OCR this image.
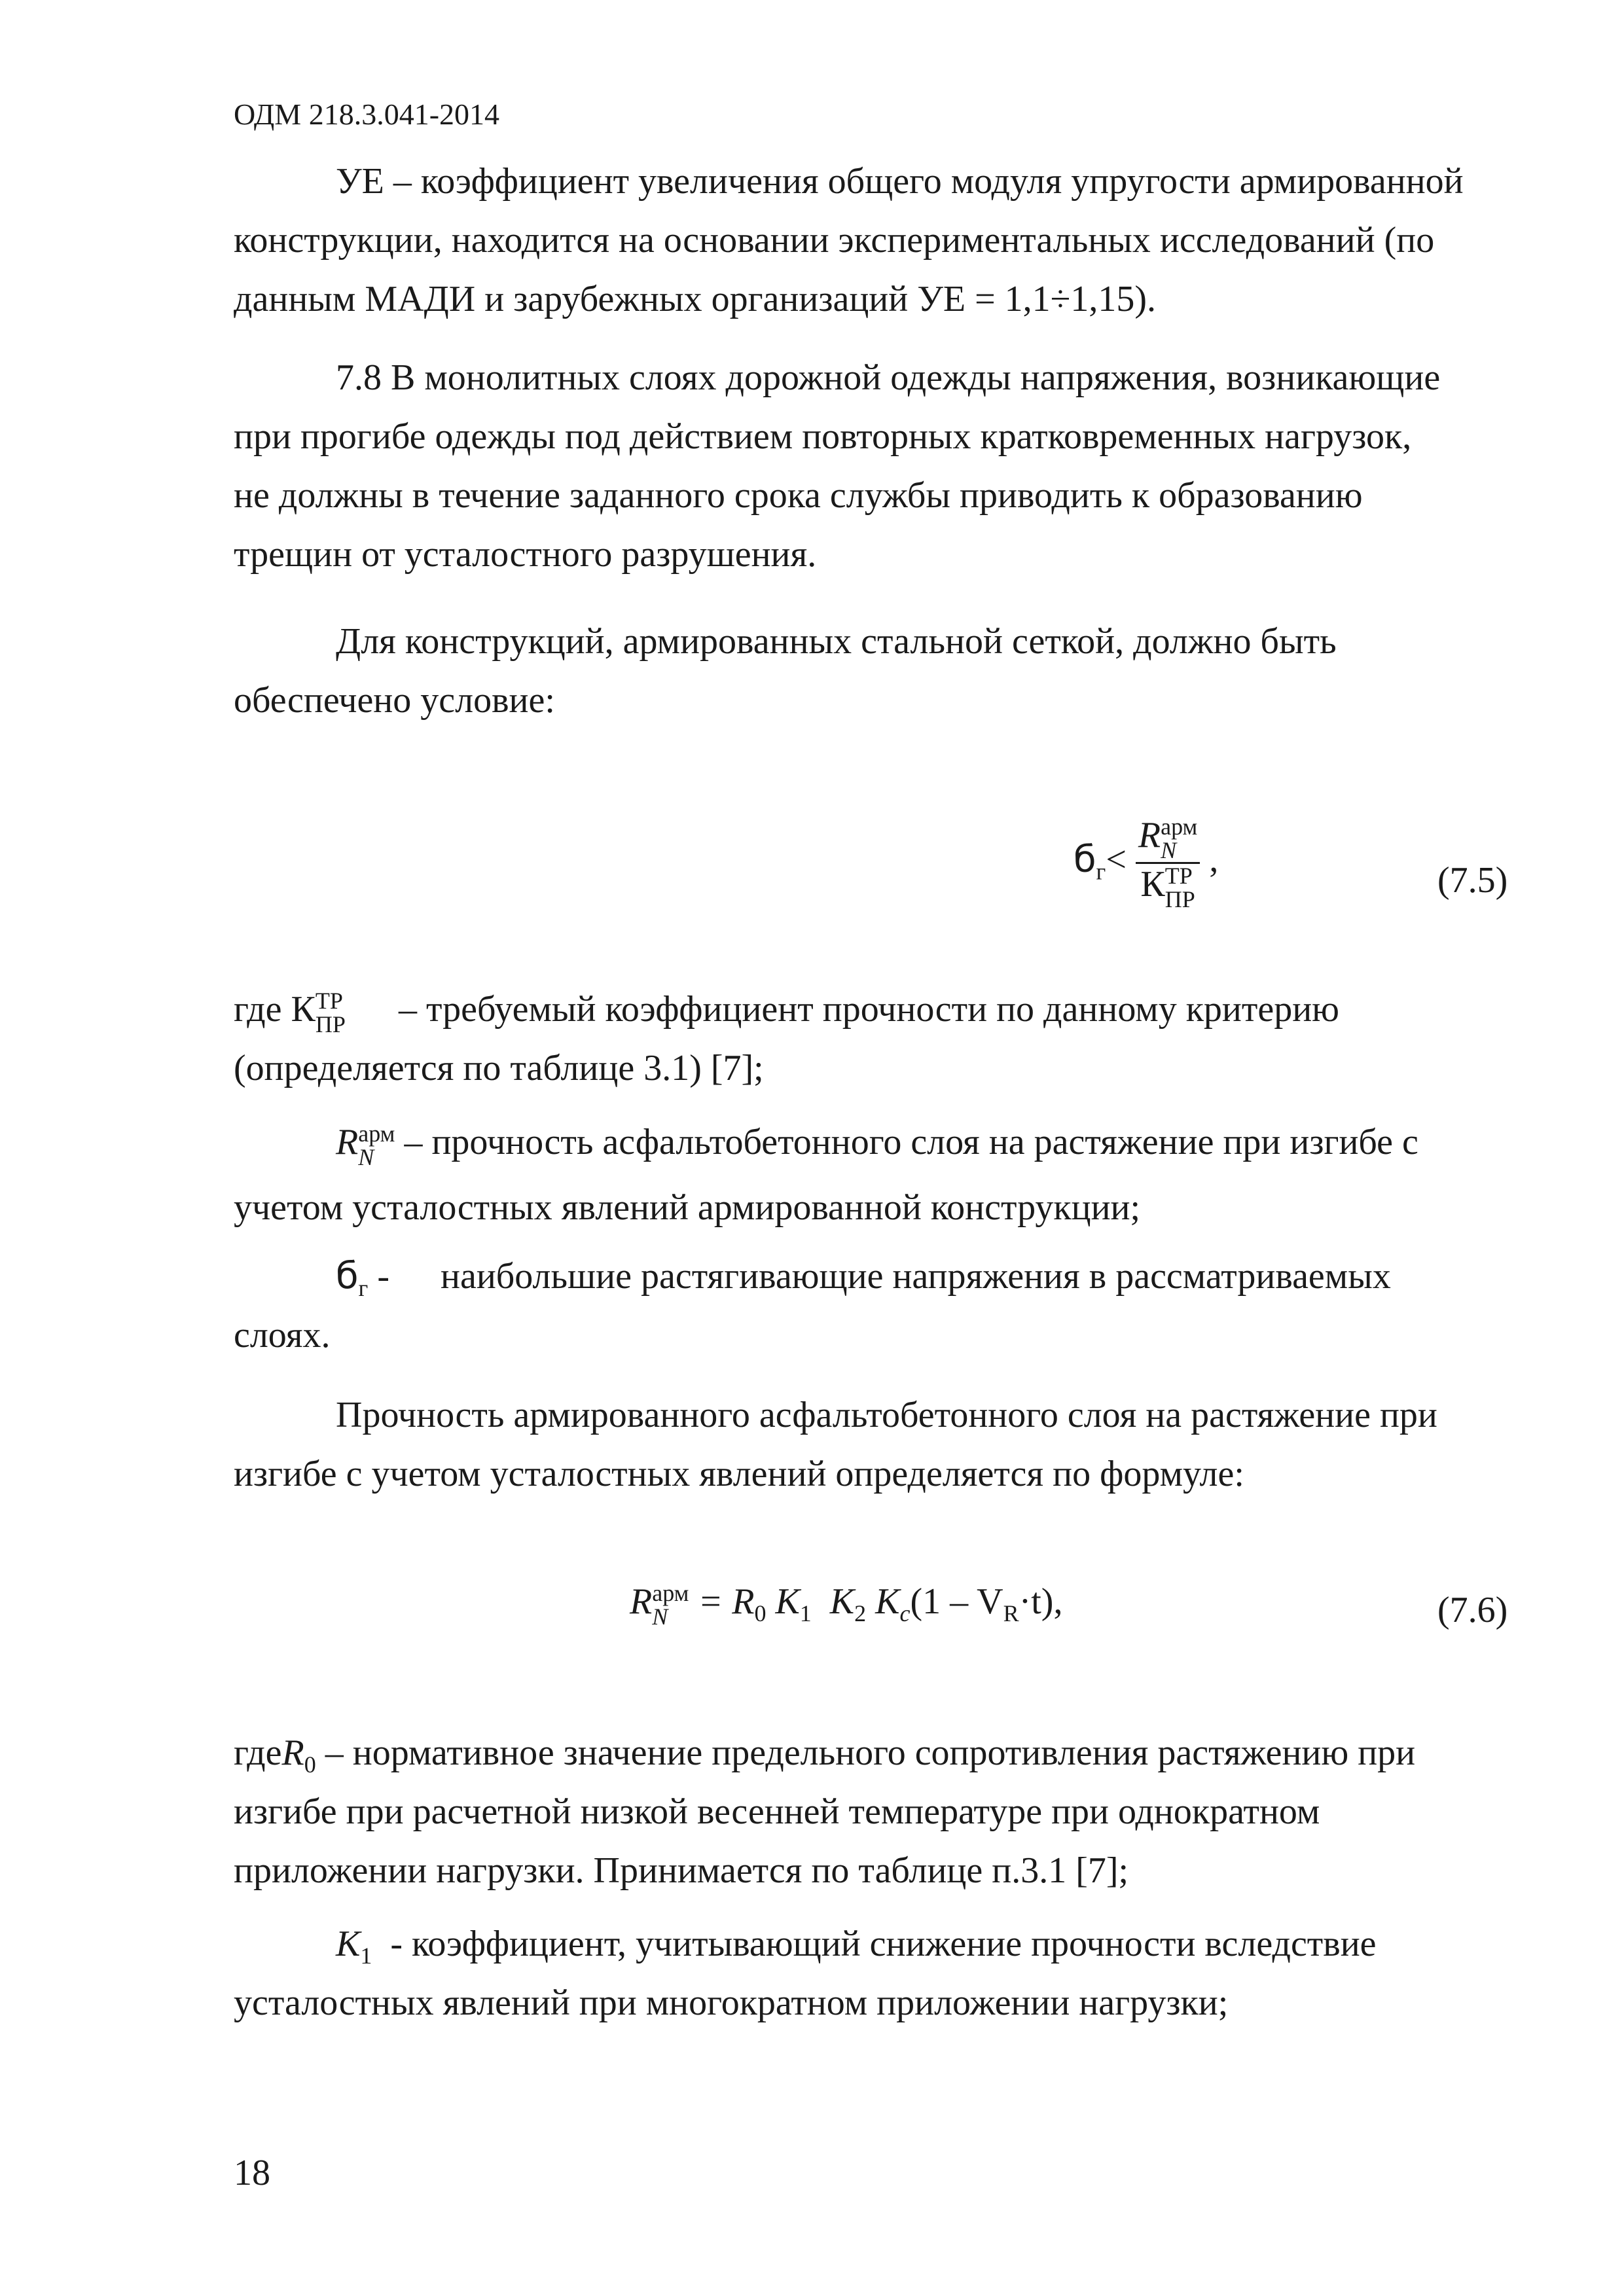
ОДМ 218.3.041-2014
УЕ – коэффициент увеличения общего модуля упругости армированной
конструкции, находится на основании экспериментальных исследований (по
данным МАДИ и зарубежных организаций УЕ = 1,1÷1,15).
7.8 В монолитных слоях дорожной одежды напряжения, возникающие
при прогибе одежды под действием повторных кратковременных нагрузок,
не должны в течение заданного срока службы приводить к образованию
трещин от усталостного разрушения.
Для конструкций, армированных стальной сеткой, должно быть
обеспечено условие:
$б_г< R$ арм
N
К ТР
ПР ,
(7.5)
где К ТР
ПР – требуемый коэффициент прочности по данному критерию
(определяется по таблице 3.1) [7];
R арм
N – прочность асфальтобетонного слоя на растяжение при изгибе с
учетом усталостных явлений армированной конструкции;
$б_г$ - наибольшие растягивающие напряжения в рассматриваемых
слоях.
Прочность армированного асфальтобетонного слоя на растяжение при
изгибе с учетом усталостных явлений определяется по формуле:
R арм
$N = R_0$ $K_1$ $K_2$ $K_c(1 - V_R\cdot t)$,	(7.6)
гдеR$_0$ – нормативное значение предельного сопротивления растяжению при
изгибе при расчетной низкой весенней температуре при однократном
приложении нагрузки. Принимается по таблице п.3.1 [7];
$K_1$ - коэффициент, учитывающий снижение прочности вследствие
усталостных явлений при многократном приложении нагрузки;
18
